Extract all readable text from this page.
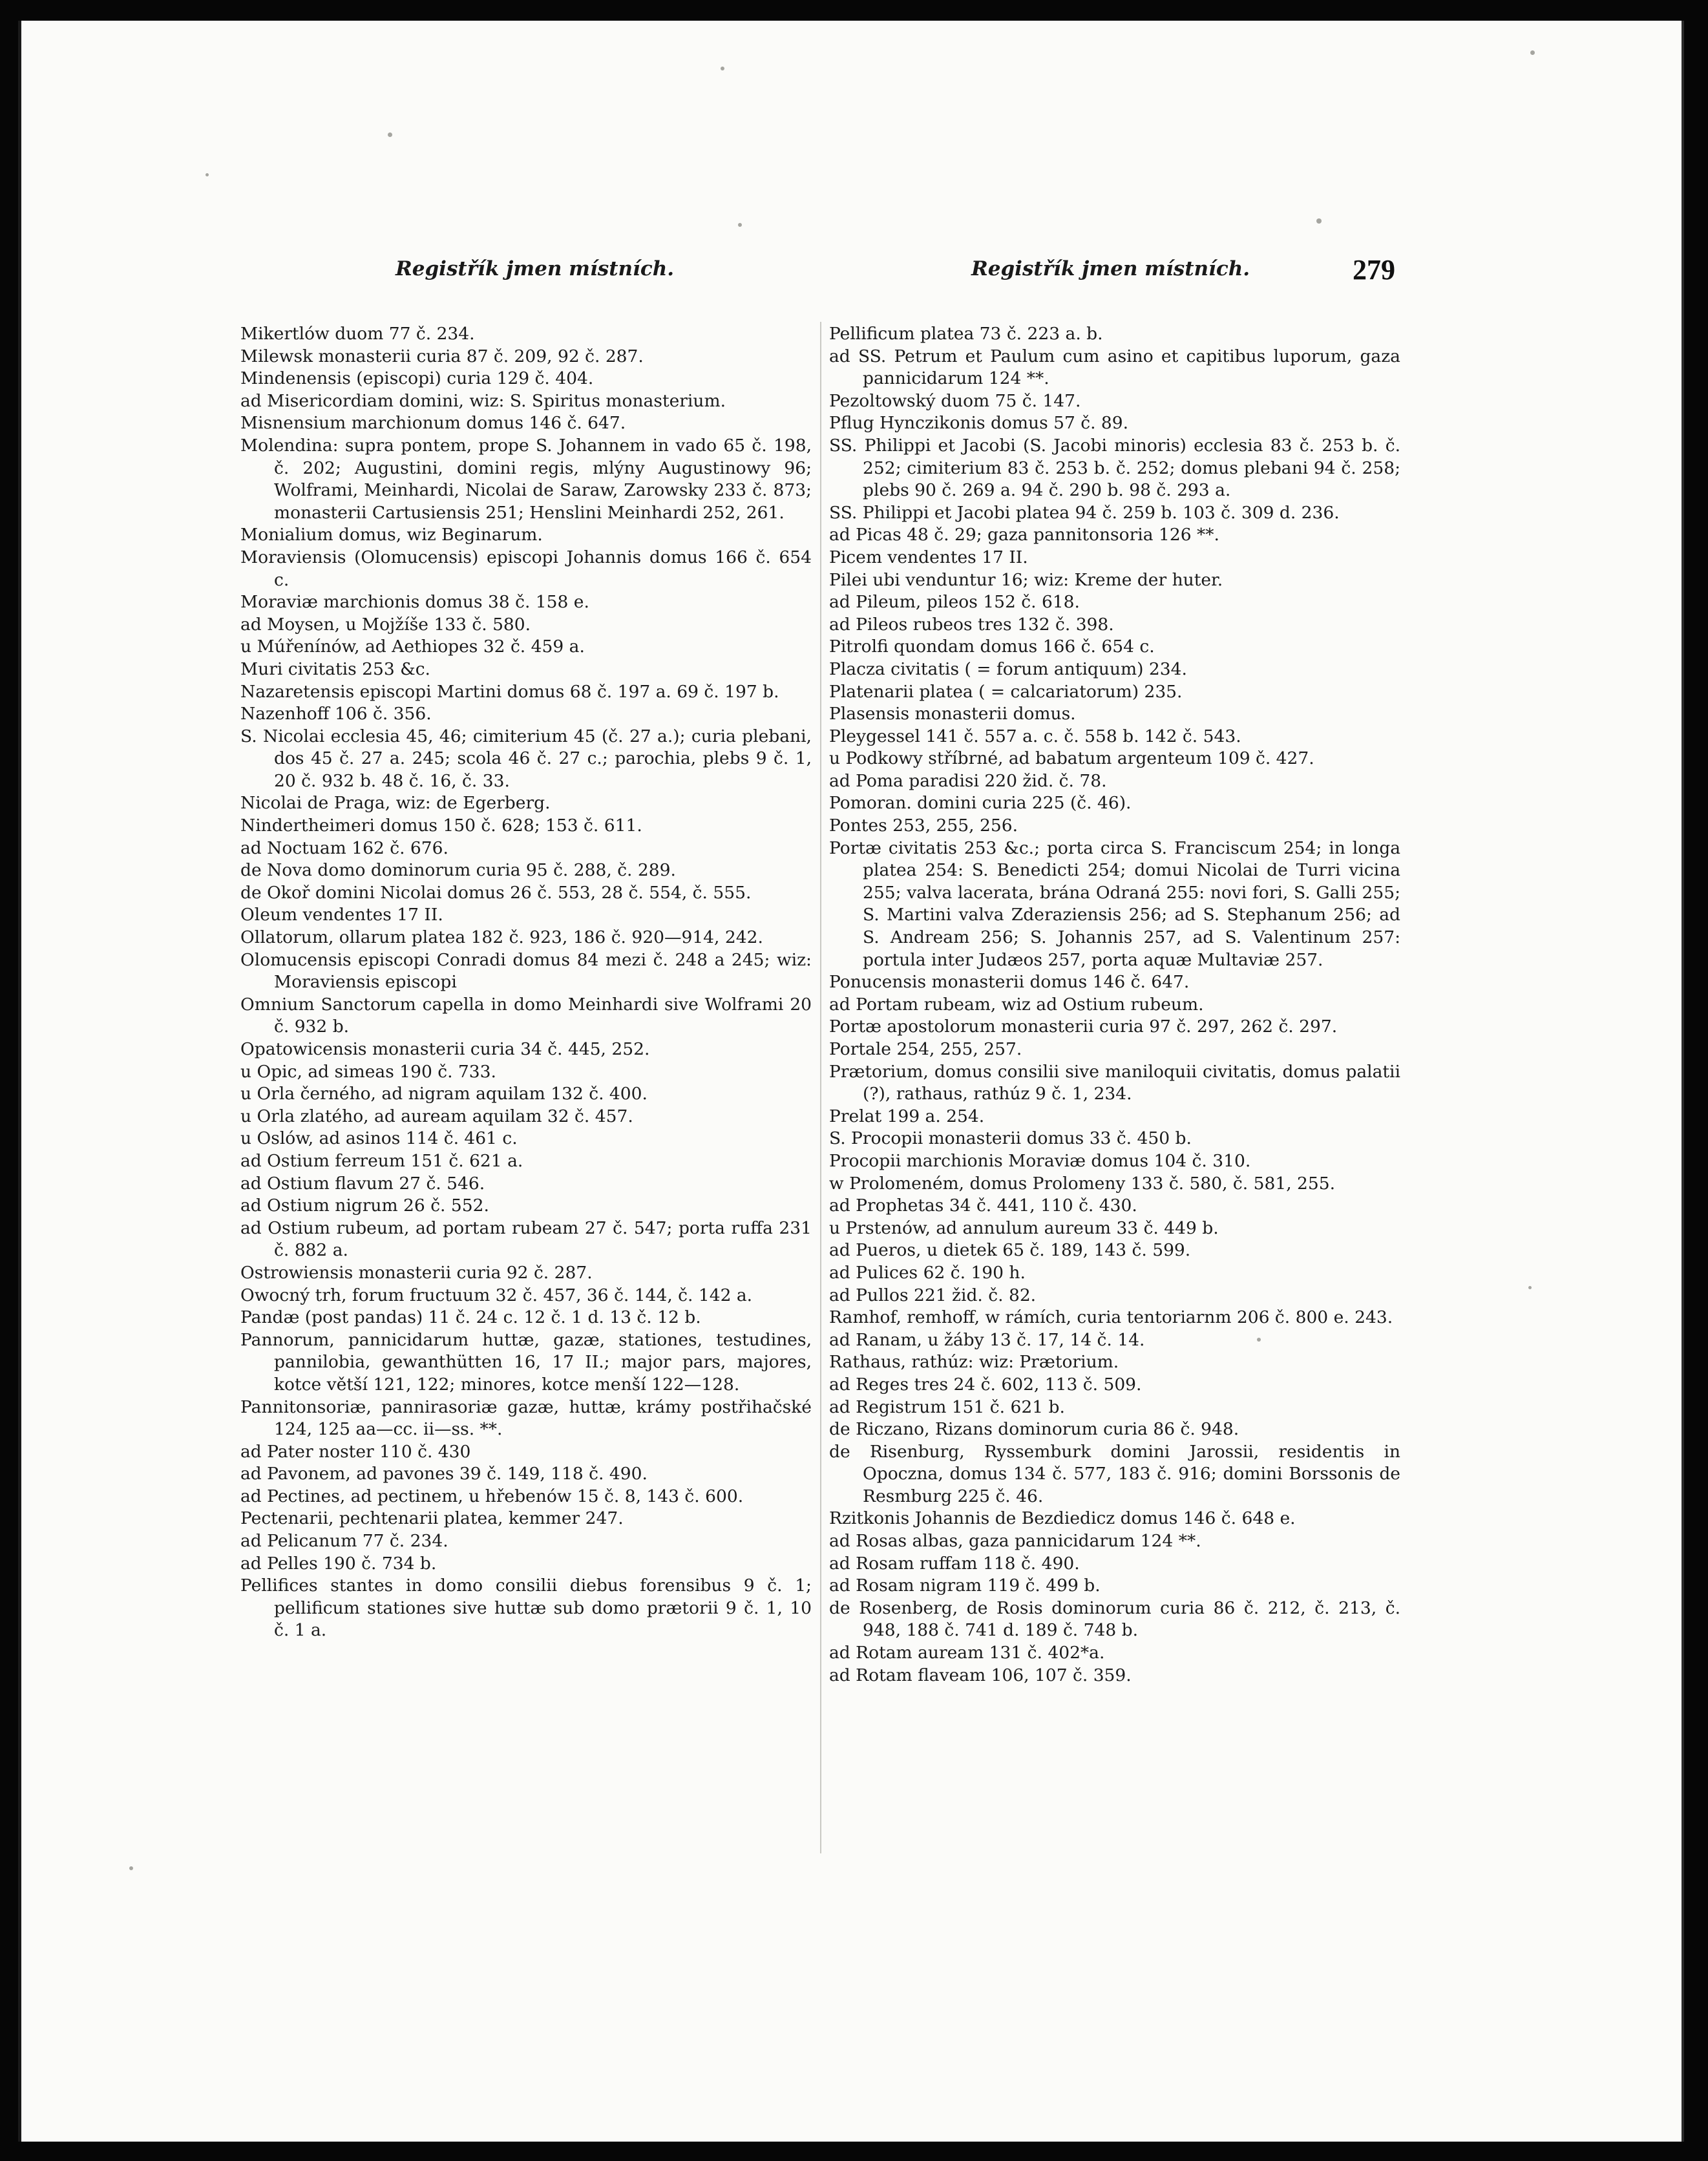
Registřík jmen místních.	Registřík jmen místních.	279

Mikertlów duom 77 č. 234.

Milewsk monasterii curia 87 č. 209, 92 č. 287.

Mindenensis (episcopi) curia 129 č. 404.

ad Misericordiam domini, wiz: S. Spiritus monasterium.

Misnensium marchionum domus 146 č. 647.

Molendina: supra pontem, prope S. Johannem in vado 65 č. 198, č. 202; Augustini, domini regis, mlýny Augustinowy 96; Wolframi, Meinhardi, Nicolai de Saraw, Zarowsky 233 č. 873; monasterii Cartusiensis 251; Henslini Meinhardi 252, 261.

Monialium domus, wiz Beginarum.

Moraviensis (Olomucensis) episcopi Johannis domus 166 č. 654 c.

Moraviæ marchionis domus 38 č. 158 e.

ad Moysen, u Mojžíše 133 č. 580.

u Múřenínów, ad Aethiopes 32 č. 459 a.

Muri civitatis 253 &c.

Nazaretensis episcopi Martini domus 68 č. 197 a. 69 č. 197 b.

Nazenhoff 106 č. 356.

S. Nicolai ecclesia 45, 46; cimiterium 45 (č. 27 a.); curia plebani, dos 45 č. 27 a. 245; scola 46 č. 27 c.; parochia, plebs 9 č. 1, 20 č. 932 b. 48 č. 16, č. 33.

Nicolai de Praga, wiz: de Egerberg.

Nindertheimeri domus 150 č. 628; 153 č. 611.

ad Noctuam 162 č. 676.

de Nova domo dominorum curia 95 č. 288, č. 289.

de Okoř domini Nicolai domus 26 č. 553, 28 č. 554, č. 555.

Oleum vendentes 17 II.

Ollatorum, ollarum platea 182 č. 923, 186 č. 920—914, 242.

Olomucensis episcopi Conradi domus 84 mezi č. 248 a 245; wiz: Moraviensis episcopi

Omnium Sanctorum capella in domo Meinhardi sive Wolframi 20 č. 932 b.

Opatowicensis monasterii curia 34 č. 445, 252.

u Opic, ad simeas 190 č. 733.

u Orla černého, ad nigram aquilam 132 č. 400.

u Orla zlatého, ad auream aquilam 32 č. 457.

u Oslów, ad asinos 114 č. 461 c.

ad Ostium ferreum 151 č. 621 a.

ad Ostium flavum 27 č. 546.

ad Ostium nigrum 26 č. 552.

ad Ostium rubeum, ad portam rubeam 27 č. 547; porta ruffa 231 č. 882 a.

Ostrowiensis monasterii curia 92 č. 287.

Owocný trh, forum fructuum 32 č. 457, 36 č. 144, č. 142 a.

Pandæ (post pandas) 11 č. 24 c. 12 č. 1 d. 13 č. 12 b.

Pannorum, pannicidarum huttæ, gazæ, stationes, testudines, pannilobia, gewanthütten 16, 17 II.; major pars, majores, kotce větší 121, 122; minores, kotce menší 122—128.

Pannitonsoriæ, pannirasoriæ gazæ, huttæ, krámy postřihačské 124, 125 aa—cc. ii—ss. **.

ad Pater noster 110 č. 430

ad Pavonem, ad pavones 39 č. 149, 118 č. 490.

ad Pectines, ad pectinem, u hřebenów 15 č. 8, 143 č. 600.

Pectenarii, pechtenarii platea, kemmer 247.

ad Pelicanum 77 č. 234.

ad Pelles 190 č. 734 b.

Pellifices stantes in domo consilii diebus forensibus 9 č. 1; pellificum stationes sive huttæ sub domo prætorii 9 č. 1, 10 č. 1 a.

Pellificum platea 73 č. 223 a. b.

ad SS. Petrum et Paulum cum asino et capitibus luporum, gaza pannicidarum 124 **.

Pezoltowský duom 75 č. 147.

Pflug Hynczikonis domus 57 č. 89.

SS. Philippi et Jacobi (S. Jacobi minoris) ecclesia 83 č. 253 b. č. 252; cimiterium 83 č. 253 b. č. 252; domus plebani 94 č. 258; plebs 90 č. 269 a. 94 č. 290 b. 98 č. 293 a.

SS. Philippi et Jacobi platea 94 č. 259 b. 103 č. 309 d. 236.

ad Picas 48 č. 29; gaza pannitonsoria 126 **.

Picem vendentes 17 II.

Pilei ubi venduntur 16; wiz: Kreme der huter.

ad Pileum, pileos 152 č. 618.

ad Pileos rubeos tres 132 č. 398.

Pitrolfi quondam domus 166 č. 654 c.

Placza civitatis ( = forum antiquum) 234.

Platenarii platea ( = calcariatorum) 235.

Plasensis monasterii domus.

Pleygessel 141 č. 557 a. c. č. 558 b. 142 č. 543.

u Podkowy stříbrné, ad babatum argenteum 109 č. 427.

ad Poma paradisi 220 žid. č. 78.

Pomoran. domini curia 225 (č. 46).

Pontes 253, 255, 256.

Portæ civitatis 253 &c.; porta circa S. Franciscum 254; in longa platea 254: S. Benedicti 254; domui Nicolai de Turri vicina 255; valva lacerata, brána Odraná 255: novi fori, S. Galli 255; S. Martini valva Zderaziensis 256; ad S. Stephanum 256; ad S. Andream 256; S. Johannis 257, ad S. Valentinum 257: portula inter Judæos 257, porta aquæ Multaviæ 257.

Ponucensis monasterii domus 146 č. 647.

ad Portam rubeam, wiz ad Ostium rubeum.

Portæ apostolorum monasterii curia 97 č. 297, 262 č. 297.

Portale 254, 255, 257.

Prætorium, domus consilii sive maniloquii civitatis, domus palatii (?), rathaus, rathúz 9 č. 1, 234.

Prelat 199 a. 254.

S. Procopii monasterii domus 33 č. 450 b.

Procopii marchionis Moraviæ domus 104 č. 310.

w Prolomeném, domus Prolomeny 133 č. 580, č. 581, 255.

ad Prophetas 34 č. 441, 110 č. 430.

u Prstenów, ad annulum aureum 33 č. 449 b.

ad Pueros, u dietek 65 č. 189, 143 č. 599.

ad Pulices 62 č. 190 h.

ad Pullos 221 žid. č. 82.

Ramhof, remhoff, w rámích, curia tentoriarnm 206 č. 800 e. 243.

ad Ranam, u žáby 13 č. 17, 14 č. 14.

Rathaus, rathúz: wiz: Prætorium.

ad Reges tres 24 č. 602, 113 č. 509.

ad Registrum 151 č. 621 b.

de Riczano, Rizans dominorum curia 86 č. 948.

de Risenburg, Ryssemburk domini Jarossii, residentis in Opoczna, domus 134 č. 577, 183 č. 916; domini Borssonis de Resmburg 225 č. 46.

Rzitkonis Johannis de Bezdiedicz domus 146 č. 648 e.

ad Rosas albas, gaza pannicidarum 124 **.

ad Rosam ruffam 118 č. 490.

ad Rosam nigram 119 č. 499 b.

de Rosenberg, de Rosis dominorum curia 86 č. 212, č. 213, č. 948, 188 č. 741 d. 189 č. 748 b.

ad Rotam auream 131 č. 402*a.

ad Rotam flaveam 106, 107 č. 359.
